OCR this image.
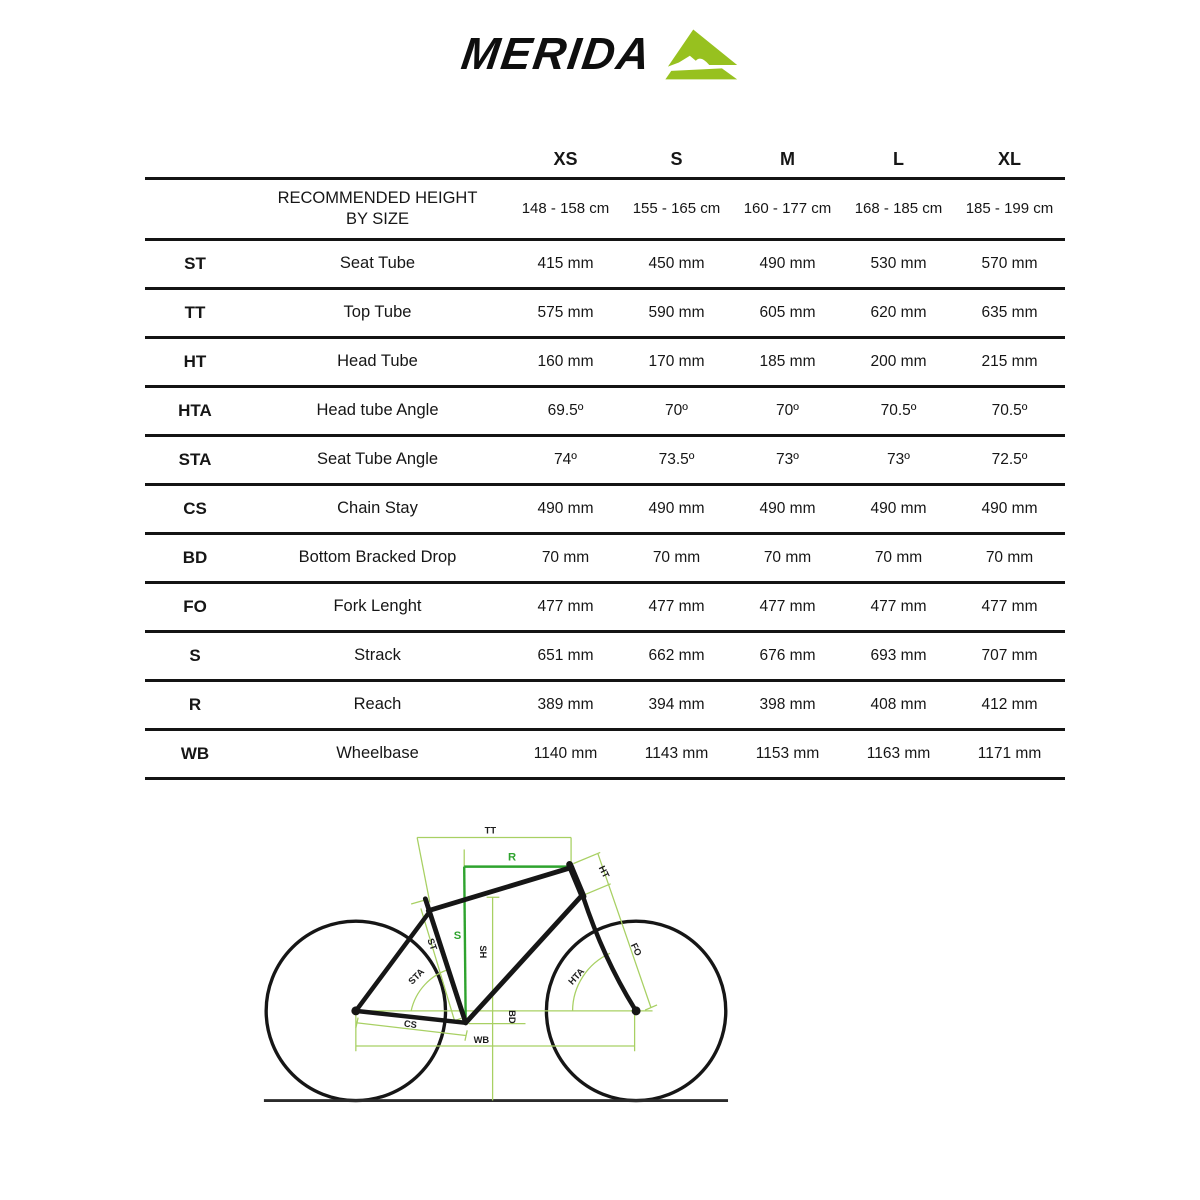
MERIDA
XS	S	M	L	XL
RECOMMENDED HEIGHT
BY SIZE
148 - 158 cm	155 - 165 cm	160 - 177 cm	168 - 185 cm	185 - 199 cm
ST	Seat Tube	415 mm	450 mm	490 mm	530 mm	570 mm
TT	Top Tube	575 mm	590 mm	605 mm	620 mm	635 mm
HT	Head Tube	160 mm	170 mm	185 mm	200 mm	215 mm
HTA	Head tube Angle	69.5º	70º	70º	70.5º	70.5º
STA	Seat Tube Angle	74º	73.5º	73º	73º	72.5º
CS	Chain Stay	490 mm	490 mm	490 mm	490 mm	490 mm
BD	Bottom Bracked Drop	70 mm	70 mm	70 mm	70 mm	70 mm
FO	Fork Lenght	477 mm	477 mm	477 mm	477 mm	477 mm
S	Strack	651 mm	662 mm	676 mm	693 mm	707 mm
R	Reach	389 mm	394 mm	398 mm	408 mm	412 mm
WB	Wheelbase	1140 mm	1143 mm	1153 mm	1163 mm	1171 mm
TT
R
HT
S
ST
SH
STA	HTA
FO
CS
BD
WB
